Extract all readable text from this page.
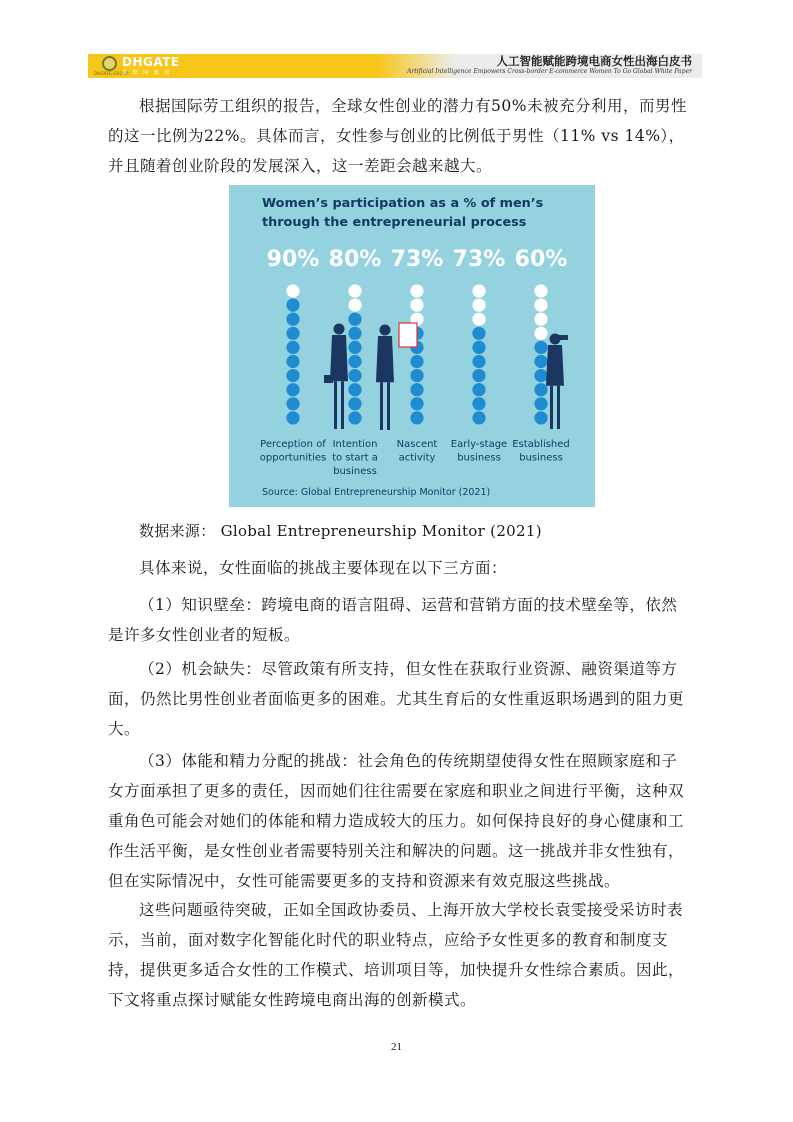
DHGATE GROUP
DHGATE
敦 煌 网 集 团
人工智能赋能跨境电商女性出海白皮书
Artificial Intelligence Empowers Cross-border E-commerce Women To Go Global White Paper

根据国际劳工组织的报告，全球女性创业的潜力有50%未被充分利用，而男性的这一比例为22%。具体而言，女性参与创业的比例低于男性（11% vs 14%），并且随着创业阶段的发展深入，这一差距会越来越大。

Women’s participation as a % of men’s through the entrepreneurial process

90%
Perception of
opportunities
80%
Intention
to start a
business
73%
Nascent
activity
73%
Early-stage
business
60%
Established
business
Source: Global Entrepreneurship Monitor (2021)

数据来源： Global Entrepreneurship Monitor (2021)

具体来说，女性面临的挑战主要体现在以下三方面：

（1）知识壁垒：跨境电商的语言阻碍、运营和营销方面的技术壁垒等，依然是许多女性创业者的短板。

（2）机会缺失：尽管政策有所支持，但女性在获取行业资源、融资渠道等方面，仍然比男性创业者面临更多的困难。尤其生育后的女性重返职场遇到的阻力更大。

（3）体能和精力分配的挑战：社会角色的传统期望使得女性在照顾家庭和子女方面承担了更多的责任，因而她们往往需要在家庭和职业之间进行平衡，这种双重角色可能会对她们的体能和精力造成较大的压力。如何保持良好的身心健康和工作生活平衡，是女性创业者需要特别关注和解决的问题。这一挑战并非女性独有，但在实际情况中，女性可能需要更多的支持和资源来有效克服这些挑战。

这些问题亟待突破，正如全国政协委员、上海开放大学校长袁雯接受采访时表示，当前，面对数字化智能化时代的职业特点，应给予女性更多的教育和制度支持，提供更多适合女性的工作模式、培训项目等，加快提升女性综合素质。因此，下文将重点探讨赋能女性跨境电商出海的创新模式。

21
